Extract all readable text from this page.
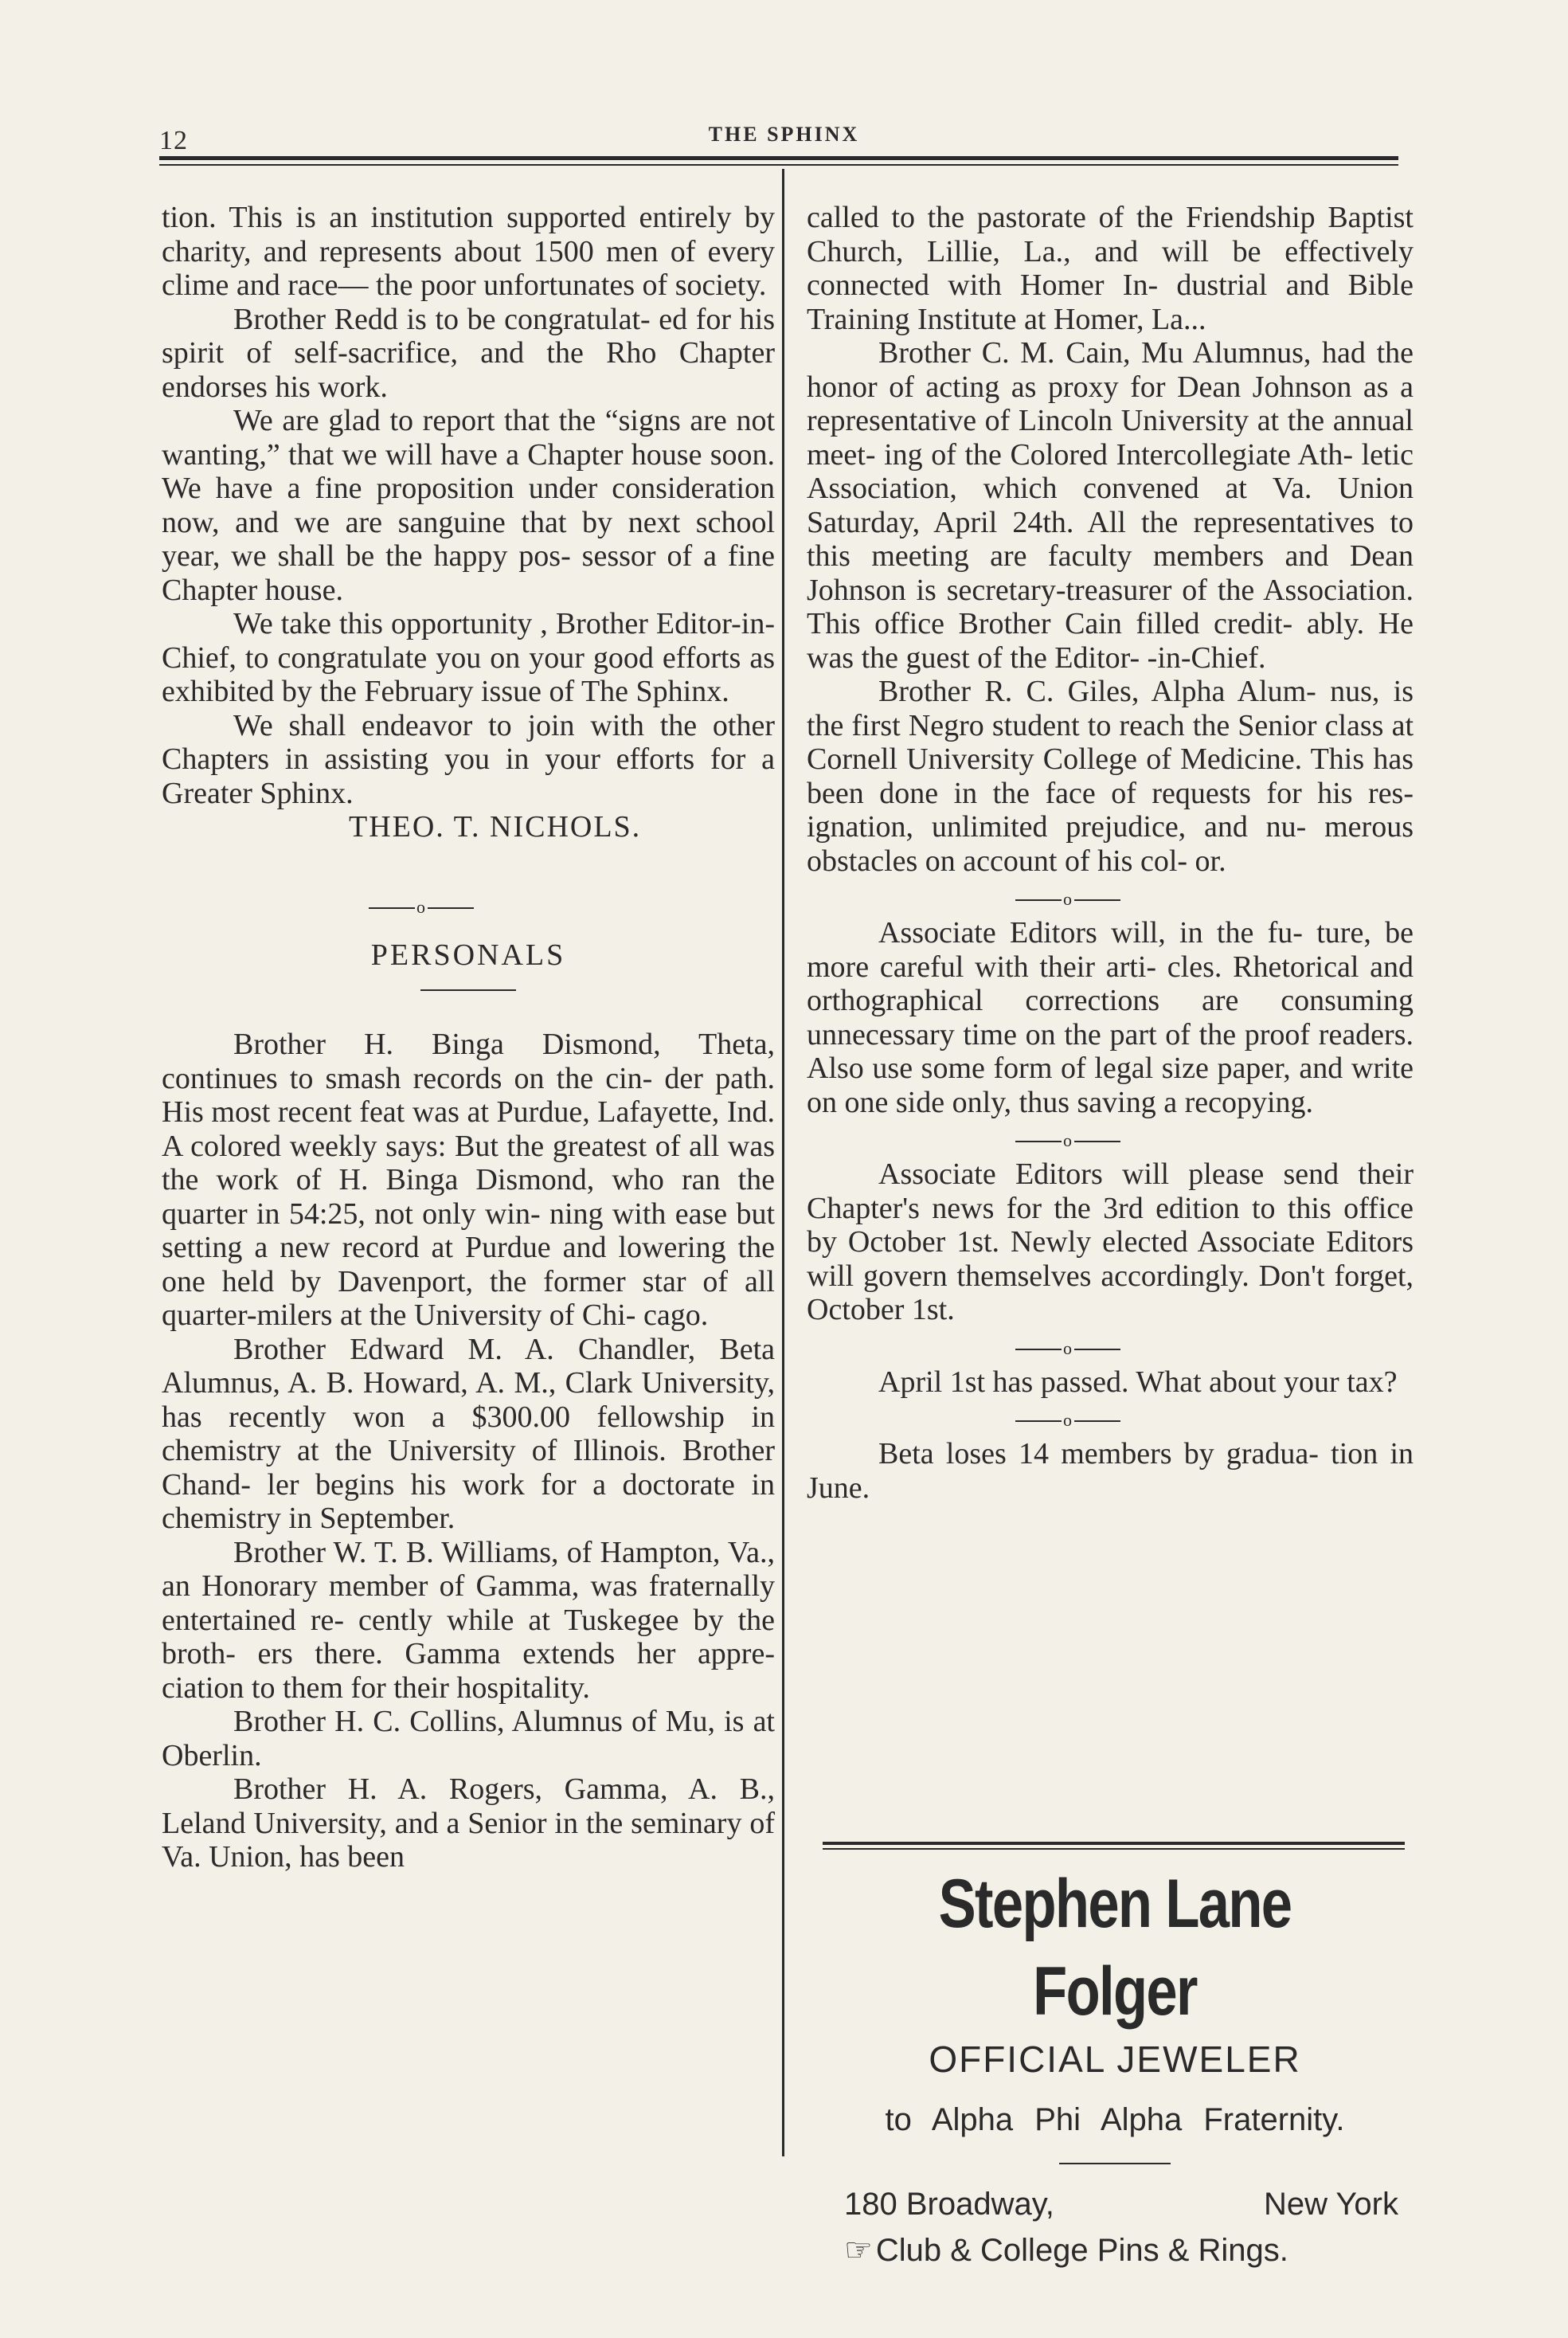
12	THE SPHINX

tion. This is an institution supported entirely by charity, and represents about 1500 men of every clime and race— the poor unfortunates of society.

Brother Redd is to be congratulat- ed for his spirit of self-sacrifice, and the Rho Chapter endorses his work.

We are glad to report that the “signs are not wanting,” that we will have a Chapter house soon. We have a fine proposition under consideration now, and we are sanguine that by next school year, we shall be the happy pos- sessor of a fine Chapter house.

We take this opportunity , Brother Editor-in-Chief, to congratulate you on your good efforts as exhibited by the February issue of The Sphinx.

We shall endeavor to join with the other Chapters in assisting you in your efforts for a Greater Sphinx.

THEO. T. NICHOLS.

o
PERSONALS

Brother H. Binga Dismond, Theta, continues to smash records on the cin- der path. His most recent feat was at Purdue, Lafayette, Ind. A colored weekly says: But the greatest of all was the work of H. Binga Dismond, who ran the quarter in 54:25, not only win- ning with ease but setting a new record at Purdue and lowering the one held by Davenport, the former star of all quarter-milers at the University of Chi- cago.

Brother Edward M. A. Chandler, Beta Alumnus, A. B. Howard, A. M., Clark University, has recently won a $300.00 fellowship in chemistry at the University of Illinois. Brother Chand- ler begins his work for a doctorate in chemistry in September.

Brother W. T. B. Williams, of Hampton, Va., an Honorary member of Gamma, was fraternally entertained re- cently while at Tuskegee by the broth- ers there. Gamma extends her appre- ciation to them for their hospitality.

Brother H. C. Collins, Alumnus of Mu, is at Oberlin.

Brother H. A. Rogers, Gamma, A. B., Leland University, and a Senior in the seminary of Va. Union, has been

called to the pastorate of the Friendship Baptist Church, Lillie, La., and will be effectively connected with Homer In- dustrial and Bible Training Institute at Homer, La...

Brother C. M. Cain, Mu Alumnus, had the honor of acting as proxy for Dean Johnson as a representative of Lincoln University at the annual meet- ing of the Colored Intercollegiate Ath- letic Association, which convened at Va. Union Saturday, April 24th. All the representatives to this meeting are faculty members and Dean Johnson is secretary-treasurer of the Association. This office Brother Cain filled credit- ably. He was the guest of the Editor- -in-Chief.

Brother R. C. Giles, Alpha Alum- nus, is the first Negro student to reach the Senior class at Cornell University College of Medicine. This has been done in the face of requests for his res- ignation, unlimited prejudice, and nu- merous obstacles on account of his col- or.

o

Associate Editors will, in the fu- ture, be more careful with their arti- cles. Rhetorical and orthographical corrections are consuming unnecessary time on the part of the proof readers. Also use some form of legal size paper, and write on one side only, thus saving a recopying.

o

Associate Editors will please send their Chapter's news for the 3rd edition to this office by October 1st. Newly elected Associate Editors will govern themselves accordingly. Don't forget, October 1st.

o

April 1st has passed. What about your tax?

o

Beta loses 14 members by gradua- tion in June.

Stephen Lane Folger
OFFICIAL JEWELER
to Alpha Phi Alpha Fraternity.
180 Broadway,	New York
☞ Club & College Pins & Rings.
